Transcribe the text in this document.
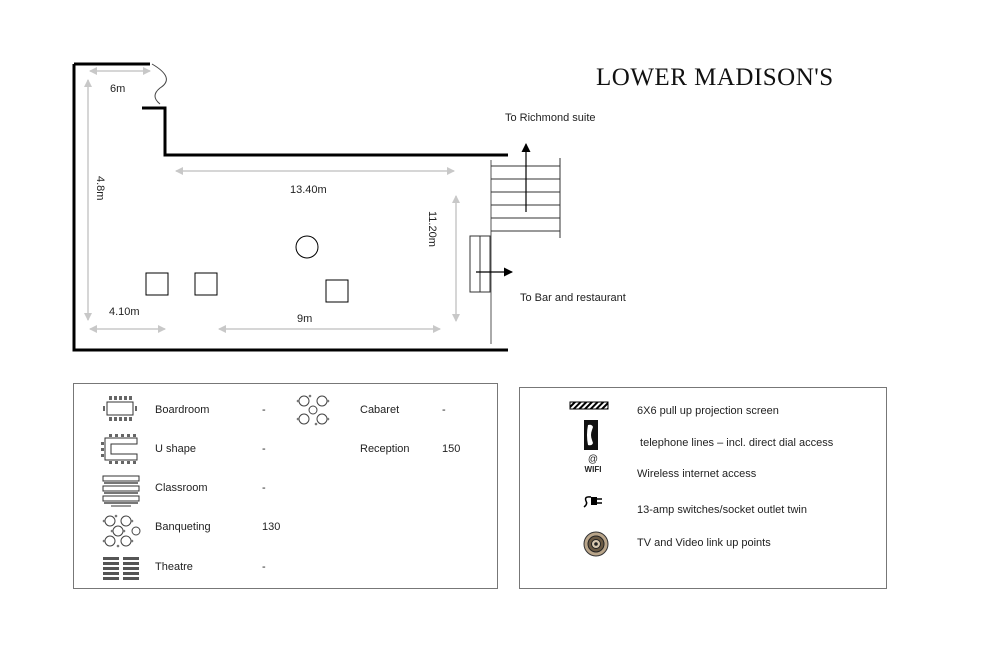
6m
4.8m	13.40m
11.20m
4.10m
9m
To Richmond suite
To Bar and restaurant
LOWER MADISON'S
Boardroom	-
U shape	-
Classroom	-
Banqueting	130
Theatre	-
Cabaret	-
Reception	150
@
WIFI
6X6 pull up projection screen
telephone lines – incl. direct dial access
Wireless internet access
13-amp switches/socket outlet twin
TV and Video link up points
